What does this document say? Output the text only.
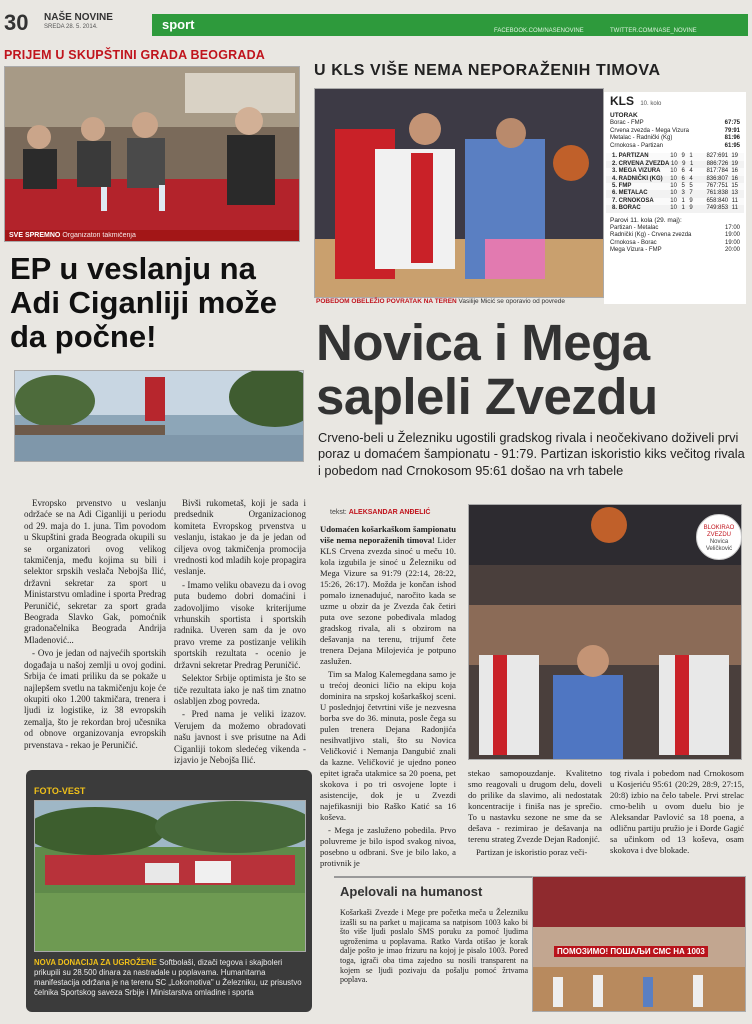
30 NAŠE NOVINE
SREDA 28. 5. 2014.	sport	FACEBOOK.COM/NASENOVINE	TWITTER.COM/NASE_NOVINE
PRIJEM U SKUPŠTINI GRADA BEOGRADA
SVE SPREMNO Organizatori takmičenja
EP u veslanju na Adi Ciganliji može da počne!

Evropsko prvenstvo u veslanju održaće se na Adi Ciganliji u periodu od 29. maja do 1. juna. Tim povodom u Skupštini grada Beograda okupili su se organizatori ovog velikog takmičenja, među kojima su bili i selektor srpskih veslača Nebojša Ilić, državni sekretar za sport u Ministarstvu omladine i sporta Predrag Peruničić, sekretar za sport grada Beograda Slavko Gak, pomoćnik gradonačelnika Beograda Andrija Mladenović...

- Ovo je jedan od najvećih sportskih događaja u našoj zemlji u ovoj godini. Srbija će imati priliku da se pokaže u najlepšem svetlu na takmičenju koje će okupiti oko 1.200 takmičara, trenera i ljudi iz logistike, iz 38 evropskih zemalja, što je rekordan broj učesnika od obnove organizovanja evropskih prvenstava - rekao je Peruničić.

Bivši rukometaš, koji je sada i predsednik Organizacionog komiteta Evropskog prvenstva u veslanju, istakao je da je jedan od ciljeva ovog takmičenja promocija vrednosti kod mladih koje propagira veslanje.

- Imamo veliku obavezu da i ovog puta budemo dobri domaćini i zadovoljimo visoke kriterijume vrhunskih sportista i sportskih radnika. Uveren sam da je ovo pravo vreme za postizanje velikih sportskih rezultata - ocenio je državni sekretar Predrag Peruničić.

Selektor Srbije optimista je što se tiče rezultata iako je naš tim znatno oslabljen zbog povreda.

- Pred nama je veliki izazov. Verujem da možemo obradovati našu javnost i sve prisutne na Adi Ciganliji tokom sledećeg vikenda - izjavio je Nebojša Ilić.

FOTO-VEST
NOVA DONACIJA ZA UGROŽENE Softbolaši, dizači tegova i skajboleri prikupili su 28.500 dinara za nastradale u poplavama. Humanitarna manifestacija održana je na terenu SC „Lokomotiva" u Železniku, uz prisustvo čelnika Sportskog saveza Srbije i Ministarstva omladine i sporta
U KLS VIŠE NEMA NEPORAŽENIH TIMOVA
POBEDOM OBELEŽIO POVRATAK NA TEREN Vasilije Micić se oporavio od povrede
KLS 10. kolo
UTORAK
Borac - FMP	67:75
Crvena zvezda - Mega Vizura	79:91
Metalac - Radnički (Kg)	81:96
Crnokosa - Partizan	61:95
1. PARTIZAN	10 9 1	827:691 19
2. CRVENA ZVEZDA 10 9 1	886:726 19
3. MEGA VIZURA	10 6 4	817:784 16
4. RADNIČKI (KG)	10 6 4	836:807 16
5. FMP	10 5 5	767:751 15
6. METALAC	10 3 7	761:838 13
7. CRNOKOSA	10 1 9	658:840 11
8. BORAC	10 1 9	749:853 11
Parovi 11. kola (29. maj):
Partizan - Metalac	17:00
Radnički (Kg) - Crvena zvezda	19:00
Crnokosa - Borac	19:00
Mega Vizura - FMP	20:00
Novica i Mega sapleli Zvezdu
Crveno-beli u Železniku ugostili gradskog rivala i neočekivano doživeli prvi poraz u domaćem šampionatu - 91:79. Partizan iskoristio kiks večitog rivala i pobedom nad Crnokosom 95:61 došao na vrh tabele
tekst: ALEKSANDAR ANĐELIĆ

Udomaćen košarkaškom šampionatu više nema neporaženih timova! Lider KLS Crvena zvezda sinoć u meču 10. kola izgubila je sinoć u Železniku od Mega Vizure sa 91:79 (22:14, 28:22, 15:26, 26:17). Moždа je končan ishod pomalo iznenađujuć, naročito kada se uzme u obzir da je Zvezda čak četiri puta ove sezone pobeđivala mladog gradskog rivala, ali s obzirom na dešavanja na terenu, trijumf čete trenera Dejana Milojevića je potpuno zaslužen.

Tim sa Malog Kalemegdana samo je u trećoj deonici ličio na ekipu koja dominira na srpskoj košarkaškoj sceni. U poslednjoj četvrtini više je nezvesna borba sve do 36. minuta, posle čega su pulen trenera Dejana Radonjića nesihvatljivo stali, što su Novica Veličković i Nemanja Dangubić znali da kazne. Veličković je ujedno poneo epitet igrača utakmice sa 20 poena, pet skokova i po tri osvojene lopte i asistencije, dok je u Zvezdi najefikasniji bio Raško Katić sa 16 koševa.

- Mega je zasluženo pobedila. Prvo poluvreme je bilo ispod svakog nivoa, posebno u odbrani. Sve je bilo lako, a protivnik je

BLOKIRAO
ZVEZDU
Novica Veličković

stekao samopouzdanje. Kvalitetno smo reagovali u drugom delu, doveli do prilike da slavimo, ali nedostatak koncentracije i finiša nas je sprečio. To u nastavku sezone ne sme da se dešava - rezimirao je dešavanja na terenu strateg Zvezde Dejan Radonjić.

Partizan je iskoristio poraz veči-

tog rivala i pobedom nad Crnokosom u Kosjeriću 95:61 (20:29, 28:9, 27:15, 20:8) izbio na čelo tabele. Prvi strelac crno-belih u ovom duelu bio je Aleksandar Pavlović sa 18 poena, a odličnu partiju pružio je i Đorđe Gagić sa učinkom od 13 koševa, osam skokova i dve blokade.

Apelovali na humanost
Košarkaši Zvezde i Mege pre početka meča u Železniku izašli su na parket u majicama sa natpisom 1003 kako bi što više ljudi poslalo SMS poruku za pomoć ljudima ugroženima u poplavama. Ratko Varda otišao je korak dalje pošto je imao frizuru na kojoj je pisalo 1003. Pored toga, igrači oba tima zajedno su nosili transparent na kojem se ljudi pozivaju da pošalju pomoć žrtvama poplava.
ПОМОЗИМО! ПОШАЉИ СМС НА 1003
